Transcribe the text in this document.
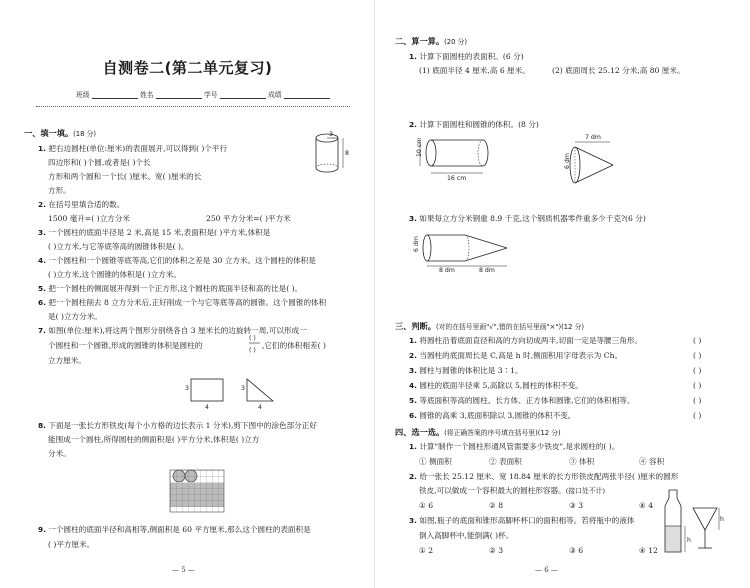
自测卷二(第二单元复习)
班级	姓名	学号	成绩
一、填一填。(18 分)
1. 把右边圆柱(单位:厘米)的表面展开,可以得到( )个平行
四边形和( )个圆,或者是( )个长
方形和两个圆和一个长( )厘米、宽( )厘米的长
方形。
3
8
2. 在括号里填合适的数。
1500 毫升=( )立方分米	250 平方分米=( )平方米
3. 一个圆柱的底面半径是 2 米,高是 15 米,表面积是( )平方米,体积是
( )立方米,与它等底等高的圆锥体积是( )。
4. 一个圆柱和一个圆锥等底等高,它们的体积之差是 30 立方米。这个圆柱的体积是
( )立方米,这个圆锥的体积是( )立方米。
5. 把一个圆柱的侧面展开得到一个正方形,这个圆柱的底面半径和高的比是( )。
6. 把一个圆柱削去 8 立方分米后,正好削成一个与它等底等高的圆锥。这个圆锥的体积
是( )立方分米。
7. 如图(单位:厘米),将这两个图形分别绕各自 3 厘米长的边旋转一周,可以形成一
个圆柱和一个圆锥,形成的圆锥的体积是圆柱的
( )
( )
,它们的体积相差( )
立方厘米。
3
4
3
4
8. 下面是一张长方形铁皮(每个小方格的边长表示 1 分米),剪下图中的涂色部分正好
能围成一个圆柱,所得圆柱的侧面积是( )平方分米,体积是( )立方
分米。
9. 一个圆柱的底面半径和高相等,侧面积是 60 平方厘米,那么这个圆柱的表面积是
( )平方厘米。
— 5 —
二、算一算。(20 分)
1. 计算下面圆柱的表面积。(6 分)
(1) 底面半径 4 厘米,高 6 厘米。	(2) 底面周长 25.12 分米,高 80 厘米。
2. 计算下面圆柱和圆锥的体积。(8 分)
10 cm
16 cm
7 dm
6 dm
3. 如果每立方分米钢重 8.9 千克,这个钢质机器零件重多少千克?(6 分)
6 dm
8 dm	8 dm
三、判断。(对的在括号里画"√",错的在括号里画"×")(12 分)
1. 将圆柱沿着底面直径和高的方向切成两半,切面一定是等腰三角形。	( )
2. 当圆柱的底面周长是 C,高是 h 时,侧面积用字母表示为 Ch。	( )
3. 圆柱与圆锥的体积比是 3∶1。	( )
4. 圆柱的底面半径乘 5,高除以 5,圆柱的体积不变。	( )
5. 等底面积等高的圆柱、长方体、正方体和圆锥,它们的体积相等。	( )
6. 圆锥的高乘 3,底面积除以 3,圆锥的体积不变。	( )
四、选一选。(将正确答案的序号填在括号里)(12 分)
1. 计算"制作一个圆柱形通风管需要多少铁皮",是求圆柱的( )。
① 侧面积	② 表面积	③ 体积	④ 容积
2. 给一张长 25.12 厘米、宽 18.84 厘米的长方形铁皮配两张半径( )厘米的圆形
铁皮,可以做成一个容积最大的圆柱形容器。(接口处不计)
① 6	② 8	③ 3	④ 4
3. 如图,瓶子的底面和锥形高脚杯杯口的面积相等。若将瓶中的液体
倒入高脚杯中,能倒满( )杯。
① 2	② 3	③ 6	④ 12
h
h
— 6 —
